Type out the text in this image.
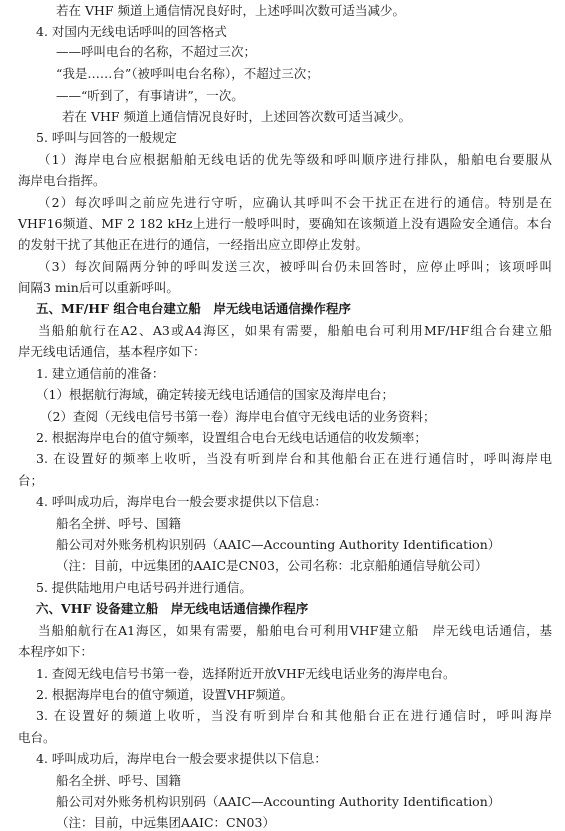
若在 VHF 频道上通信情况良好时，上述呼叫次数可适当减少。
4. 对国内无线电话呼叫的回答格式
——呼叫电台的名称，不超过三次；
“我是……台”（被呼叫电台名称），不超过三次；
——“听到了，有事请讲”，一次。
若在 VHF 频道上通信情况良好时，上述回答次数可适当减少。
5. 呼叫与回答的一般规定
（1）海岸电台应根据船舶无线电话的优先等级和呼叫顺序进行排队，船舶电台要服从
海岸电台指挥。
（2）每次呼叫之前应先进行守听，应确认其呼叫不会干扰正在进行的通信。特别是在
VHF16频道、MF 2 182 kHz上进行一般呼叫时，要确知在该频道上没有遇险安全通信。本台
的发射干扰了其他正在进行的通信，一经指出应立即停止发射。
（3）每次间隔两分钟的呼叫发送三次，被呼叫台仍未回答时，应停止呼叫；该项呼叫
间隔3 min后可以重新呼叫。
五、MF/HF 组合电台建立船　岸无线电话通信操作程序
当船舶航行在A2、A3或A4海区，如果有需要，船舶电台可利用MF/HF组合台建立船
岸无线电话通信，基本程序如下：
1. 建立通信前的准备：
（1）根据航行海域，确定转接无线电话通信的国家及海岸电台；
（2）查阅（无线电信号书第一卷）海岸电台值守无线电话的业务资料；
2. 根据海岸电台的值守频率，设置组合电台无线电话通信的收发频率；
3. 在设置好的频率上收听，当没有听到岸台和其他船台正在进行通信时，呼叫海岸电
台；
4. 呼叫成功后，海岸电台一般会要求提供以下信息：
船名全拼、呼号、国籍
船公司对外账务机构识别码（AAIC—Accounting Authority Identification）
（注：目前，中远集团的AAIC是CN03，公司名称：北京船舶通信导航公司）
5. 提供陆地用户电话号码并进行通信。
六、VHF 设备建立船　岸无线电话通信操作程序
当船舶航行在A1海区，如果有需要，船舶电台可利用VHF建立船　岸无线电话通信，基
本程序如下：
1. 查阅无线电信号书第一卷，选择附近开放VHF无线电话业务的海岸电台。
2. 根据海岸电台的值守频道，设置VHF频道。
3. 在设置好的频道上收听，当没有听到岸台和其他船台正在进行通信时，呼叫海岸
电台。
4. 呼叫成功后，海岸电台一般会要求提供以下信息：
船名全拼、呼号、国籍
船公司对外账务机构识别码（AAIC—Accounting Authority Identification）
（注：目前，中远集团AAIC：CN03）
